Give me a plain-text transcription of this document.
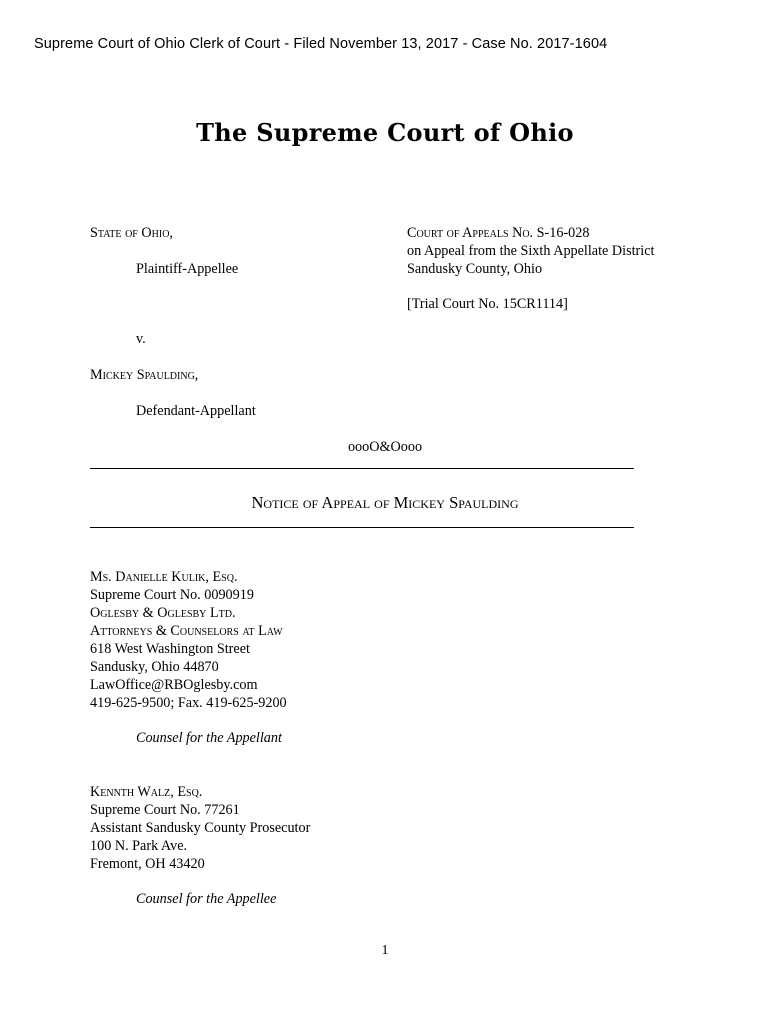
Supreme Court of Ohio Clerk of Court - Filed November 13, 2017 - Case No. 2017-1604
The Supreme Court of Ohio
State of Ohio,
Plaintiff-Appellee
v.
Mickey Spaulding,
Defendant-Appellant
Court of Appeals No. S-16-028
on Appeal from the Sixth Appellate District
Sandusky County, Ohio
[Trial Court No. 15CR1114]
oooO&Oooo
Notice of Appeal of Mickey Spaulding
Ms. Danielle Kulik, Esq.
Supreme Court No. 0090919
Oglesby & Oglesby Ltd.
Attorneys & Counselors at Law
618 West Washington Street
Sandusky, Ohio 44870
LawOffice@RBOglesby.com
419-625-9500; Fax. 419-625-9200
Counsel for the Appellant
Kennth Walz, Esq.
Supreme Court No. 77261
Assistant Sandusky County Prosecutor
100 N. Park Ave.
Fremont, OH 43420
Counsel for the Appellee
1
